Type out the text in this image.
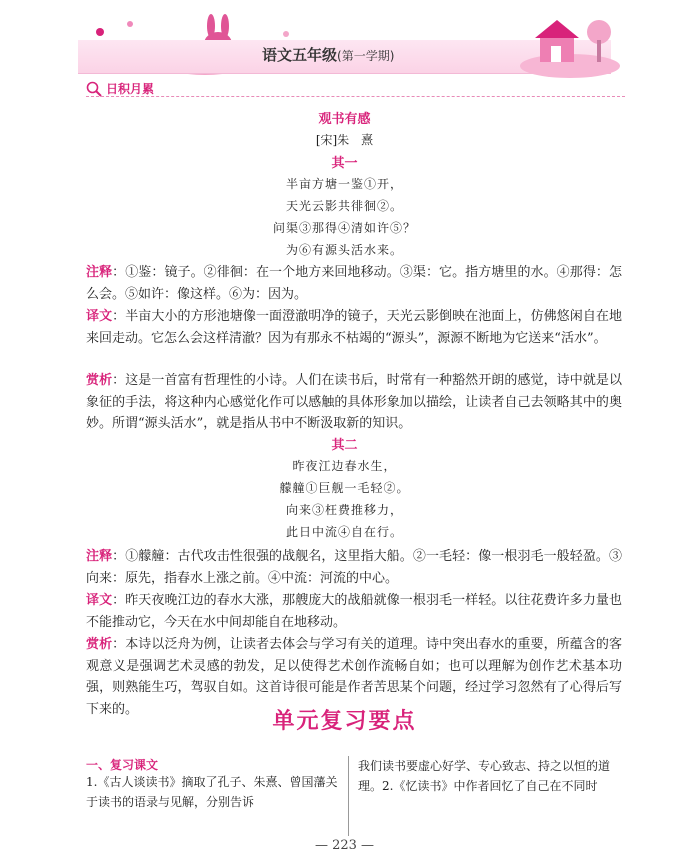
语文五年级(第一学期)
日积月累
观书有感
[宋]朱　熹
其一
半亩方塘一鉴①开，
天光云影共徘徊②。
问渠③那得④清如许⑤？
为⑥有源头活水来。
注释：①鉴：镜子。②徘徊：在一个地方来回地移动。③渠：它。指方塘里的水。④那得：怎么会。⑤如许：像这样。⑥为：因为。
译文：半亩大小的方形池塘像一面澄澈明净的镜子，天光云影倒映在池面上，仿佛悠闲自在地来回走动。它怎么会这样清澈？因为有那永不枯竭的“源头”，源源不断地为它送来“活水”。
赏析：这是一首富有哲理性的小诗。人们在读书后，时常有一种豁然开朗的感觉，诗中就是以象征的手法，将这种内心感觉化作可以感触的具体形象加以描绘，让读者自己去领略其中的奥妙。所谓“源头活水”，就是指从书中不断汲取新的知识。
其二
昨夜江边春水生，
艨艟①巨舰一毛轻②。
向来③枉费推移力，
此日中流④自在行。
注释：①艨艟：古代攻击性很强的战舰名，这里指大船。②一毛轻：像一根羽毛一般轻盈。③向来：原先，指春水上涨之前。④中流：河流的中心。
译文：昨天夜晚江边的春水大涨，那艘庞大的战船就像一根羽毛一样轻。以往花费许多力量也不能推动它，今天在水中间却能自在地移动。
赏析：本诗以泛舟为例，让读者去体会与学习有关的道理。诗中突出春水的重要，所蕴含的客观意义是强调艺术灵感的勃发，足以使得艺术创作流畅自如；也可以理解为创作艺术基本功强，则熟能生巧，驾驭自如。这首诗很可能是作者苦思某个问题，经过学习忽然有了心得后写下来的。	单元复习要点
一、复习课文
1.《古人谈读书》摘取了孔子、朱熹、曾国藩关于读书的语录与见解，分别告诉
我们读书要虚心好学、专心致志、持之以恒的道理。2.《忆读书》中作者回忆了自己在不同时
— 223 —
